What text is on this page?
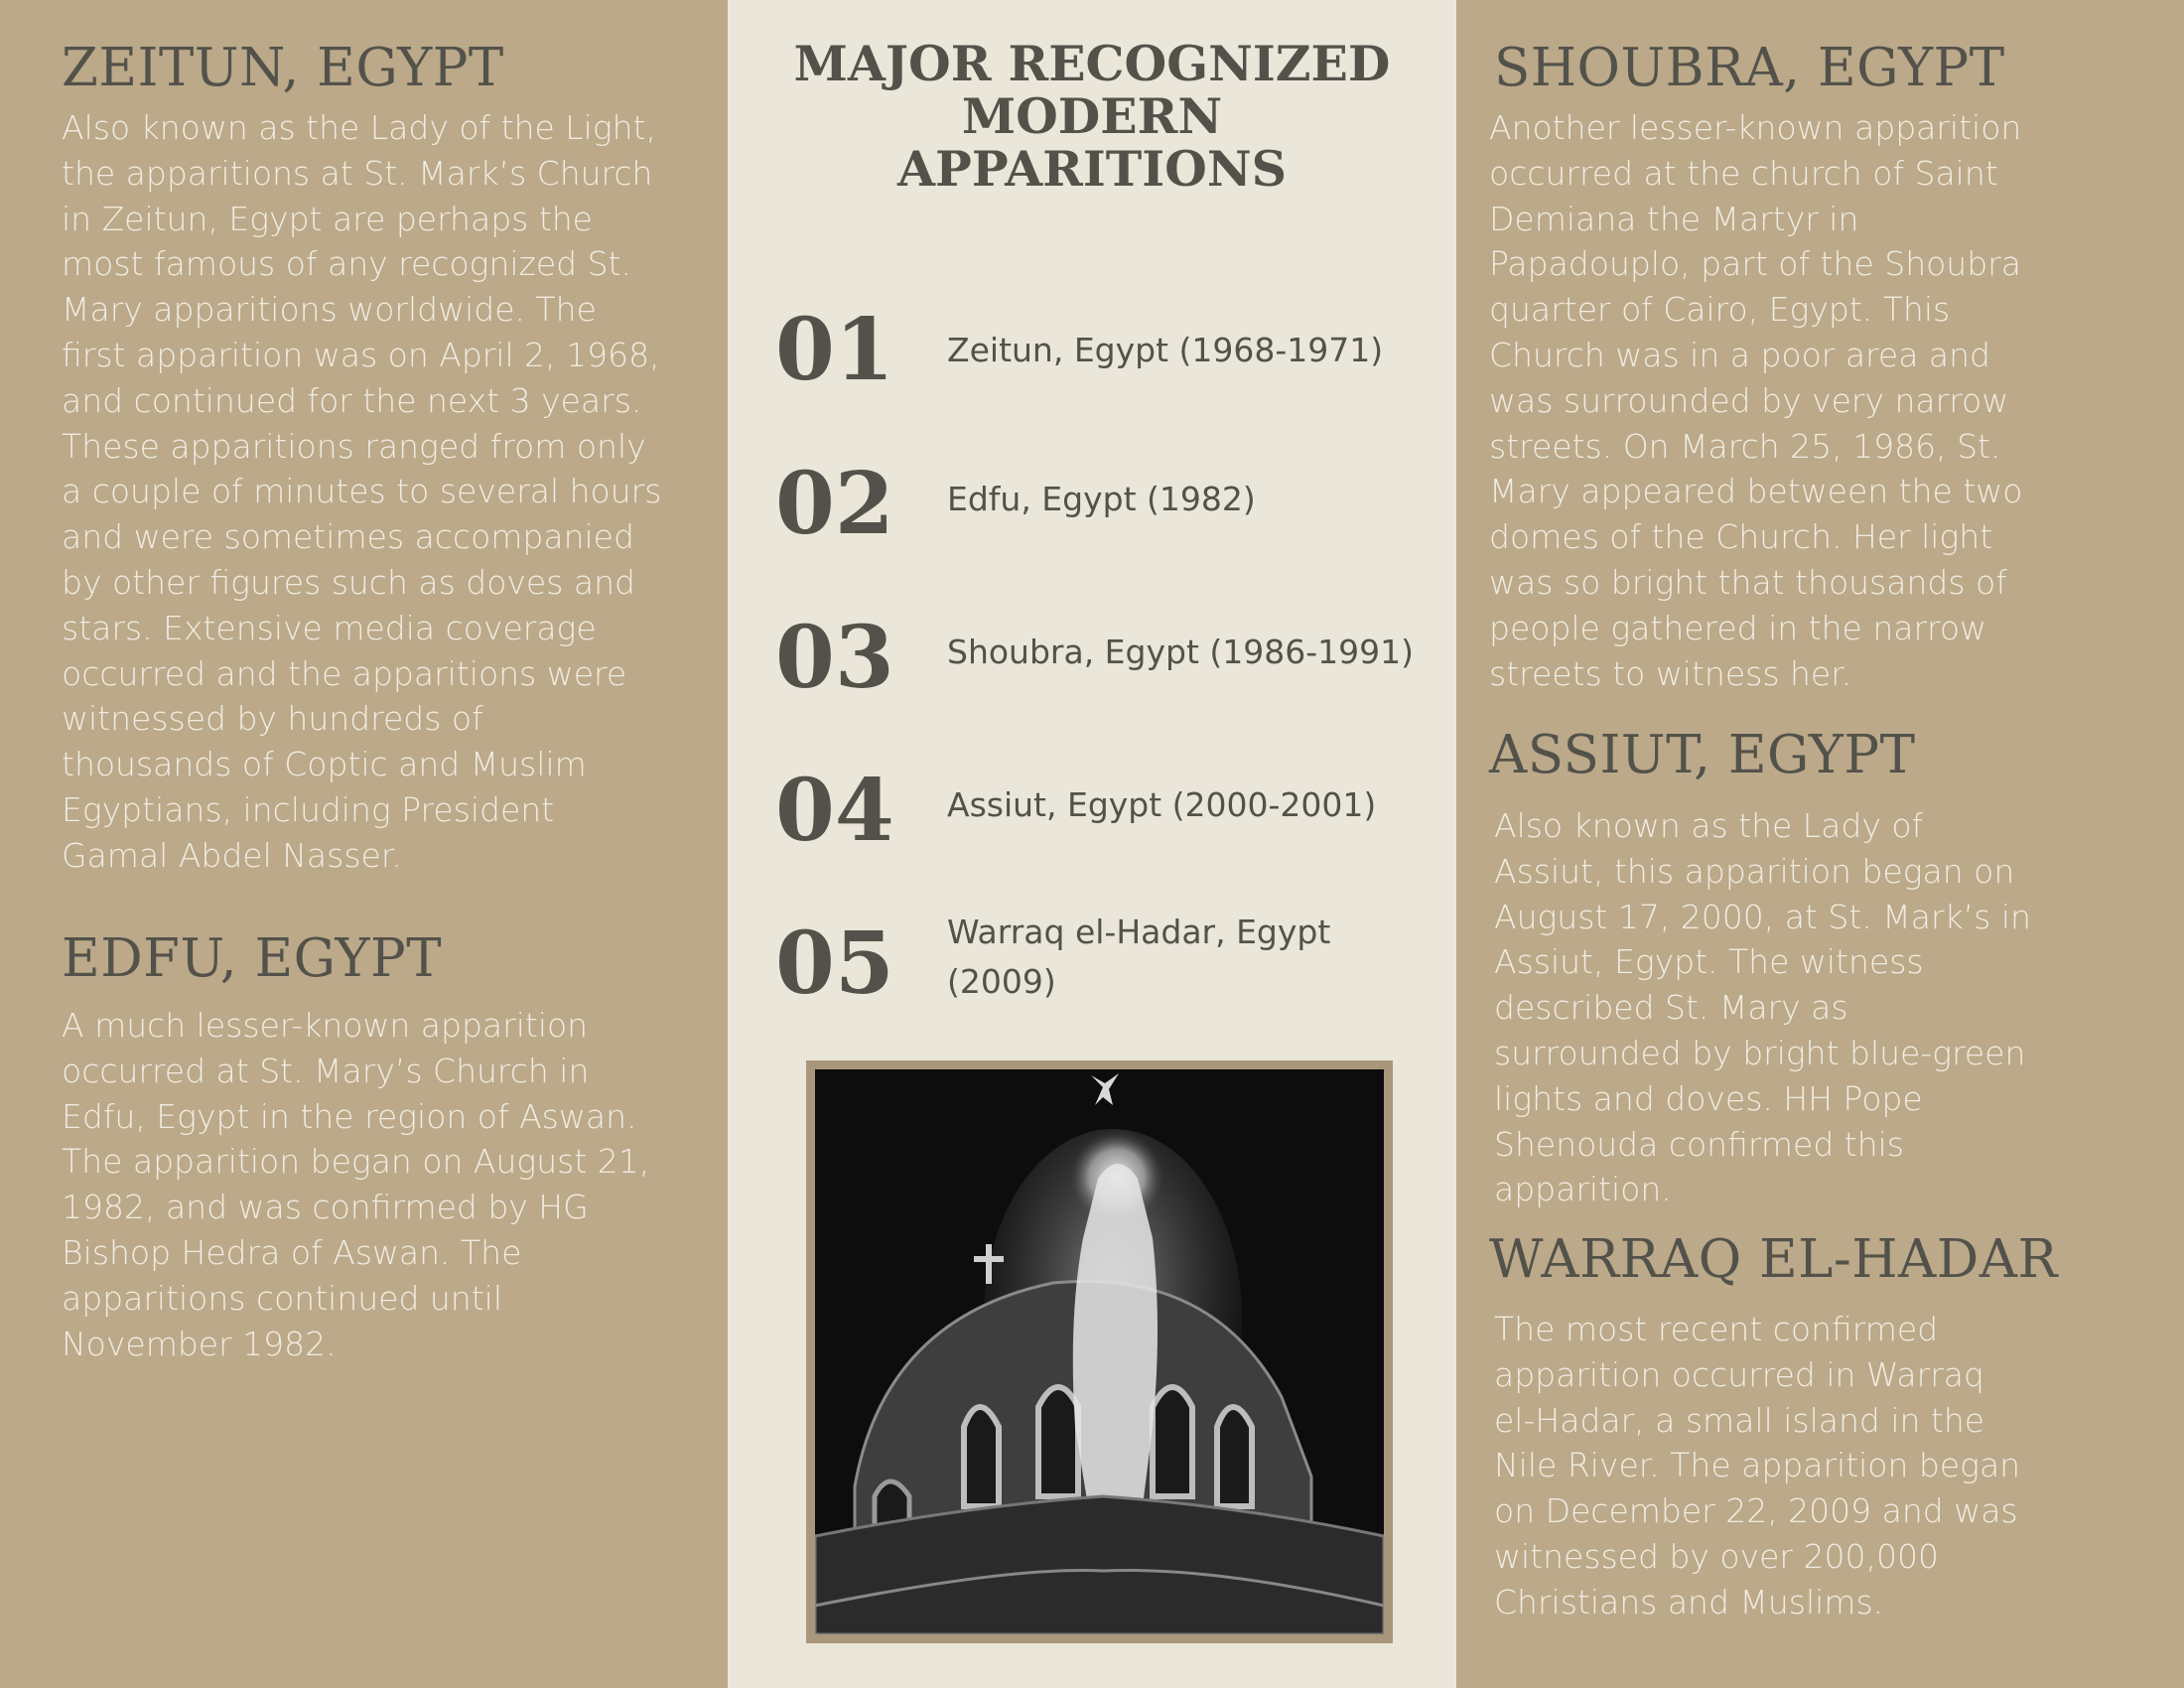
ZEITUN, EGYPT
Also known as the Lady of the Light,
the apparitions at St. Mark’s Church
in Zeitun, Egypt are perhaps the
most famous of any recognized St.
Mary apparitions worldwide. The
first apparition was on April 2, 1968,
and continued for the next 3 years.
These apparitions ranged from only
a couple of minutes to several hours
and were sometimes accompanied
by other figures such as doves and
stars. Extensive media coverage
occurred and the apparitions were
witnessed by hundreds of
thousands of Coptic and Muslim
Egyptians, including President
Gamal Abdel Nasser.
EDFU, EGYPT
A much lesser-known apparition
occurred at St. Mary’s Church in
Edfu, Egypt in the region of Aswan.
The apparition began on August 21,
1982, and was confirmed by HG
Bishop Hedra of Aswan. The
apparitions continued until
November 1982.
MAJOR RECOGNIZED
MODERN
APPARITIONS
01 Zeitun, Egypt (1968-1971)
02 Edfu, Egypt (1982)
03 Shoubra, Egypt (1986-1991)
04 Assiut, Egypt (2000-2001)
05 Warraq el-Hadar, Egypt
(2009)
SHOUBRA, EGYPT
Another lesser-known apparition
occurred at the church of Saint
Demiana the Martyr in
Papadouplo, part of the Shoubra
quarter of Cairo, Egypt. This
Church was in a poor area and
was surrounded by very narrow
streets. On March 25, 1986, St.
Mary appeared between the two
domes of the Church. Her light
was so bright that thousands of
people gathered in the narrow
streets to witness her.
ASSIUT, EGYPT
Also known as the Lady of
Assiut, this apparition began on
August 17, 2000, at St. Mark’s in
Assiut, Egypt. The witness
described St. Mary as
surrounded by bright blue-green
lights and doves. HH Pope
Shenouda confirmed this
apparition.
WARRAQ EL-HADAR
The most recent confirmed
apparition occurred in Warraq
el-Hadar, a small island in the
Nile River. The apparition began
on December 22, 2009 and was
witnessed by over 200,000
Christians and Muslims.
